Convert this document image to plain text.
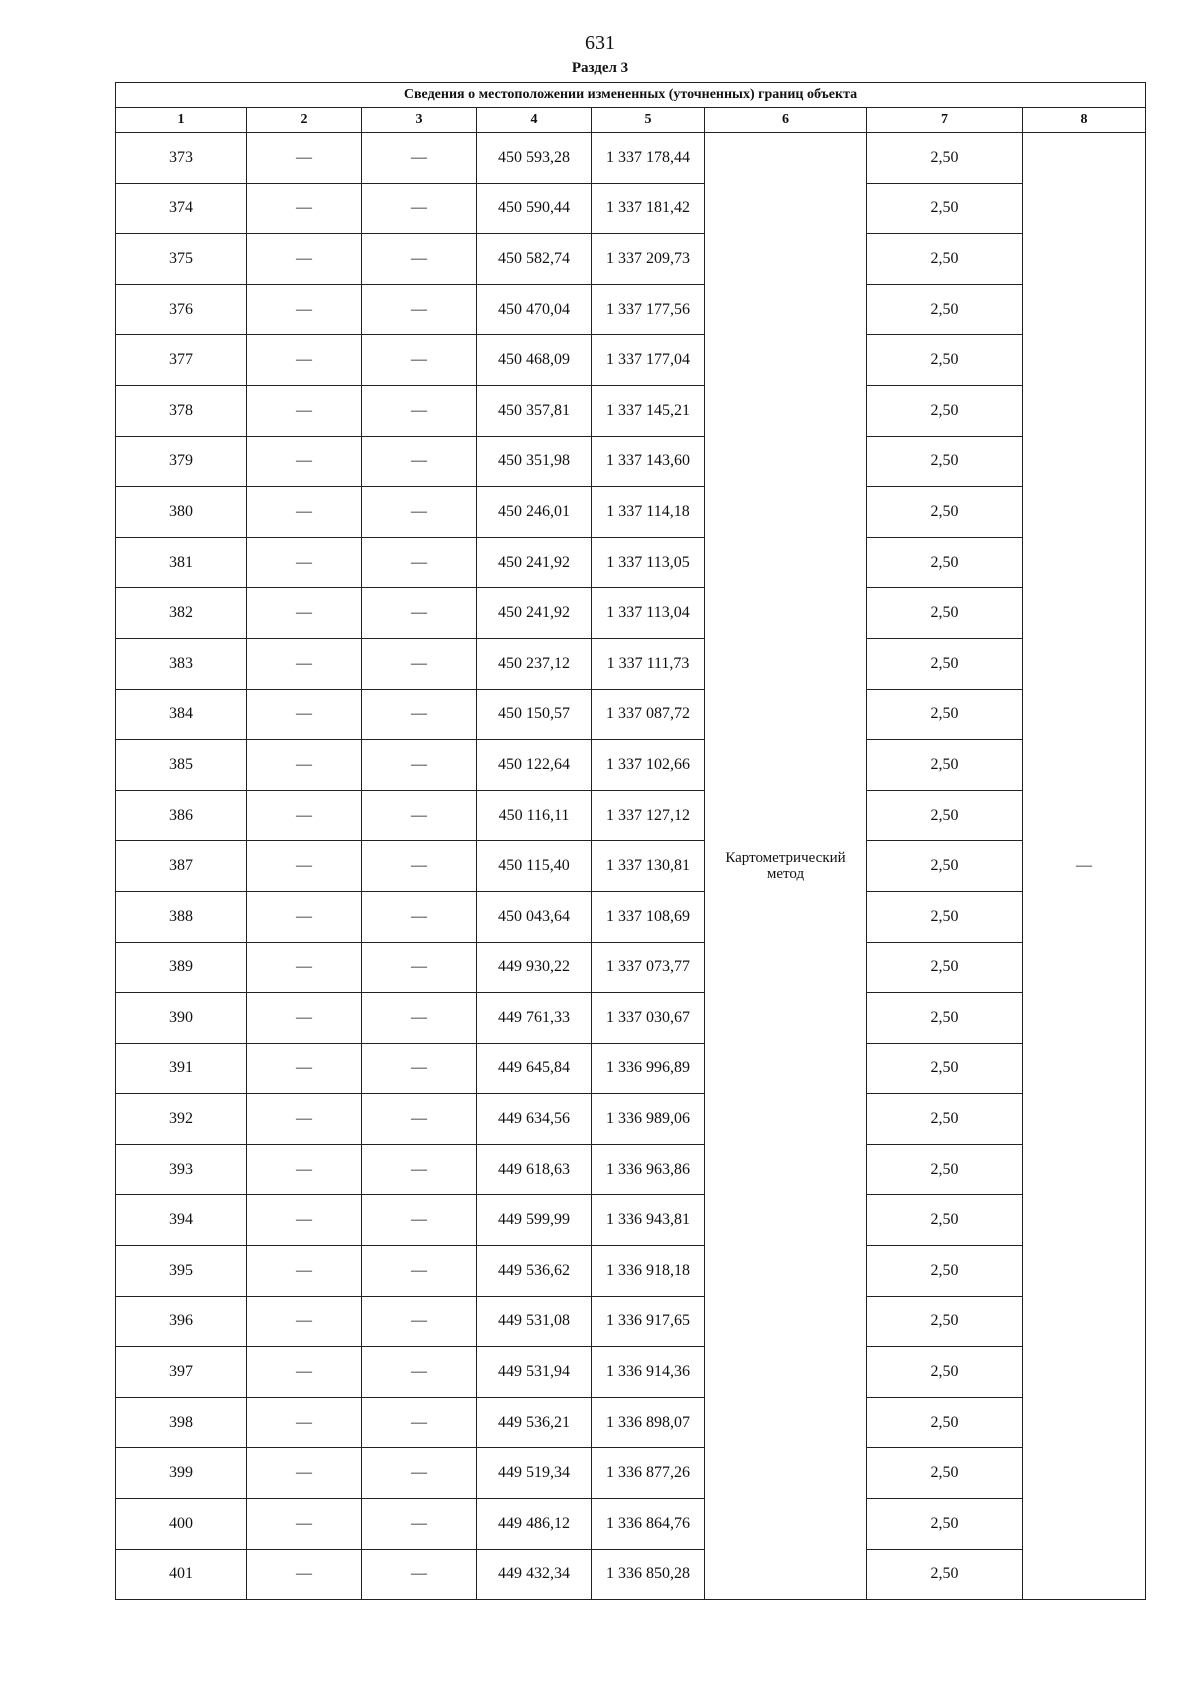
631
Раздел 3
Сведения о местоположении измененных (уточненных) границ объекта							
1	2	3	4	5	6	7	8
373	—	—	450 593,28	1 337 178,44	Картометрический метод	2,50	—
374	—	—	450 590,44	1 337 181,42		2,50	
375	—	—	450 582,74	1 337 209,73		2,50	
376	—	—	450 470,04	1 337 177,56		2,50	
377	—	—	450 468,09	1 337 177,04		2,50	
378	—	—	450 357,81	1 337 145,21		2,50	
379	—	—	450 351,98	1 337 143,60		2,50	
380	—	—	450 246,01	1 337 114,18		2,50	
381	—	—	450 241,92	1 337 113,05		2,50	
382	—	—	450 241,92	1 337 113,04		2,50	
383	—	—	450 237,12	1 337 111,73		2,50	
384	—	—	450 150,57	1 337 087,72		2,50	
385	—	—	450 122,64	1 337 102,66		2,50	
386	—	—	450 116,11	1 337 127,12		2,50	
387	—	—	450 115,40	1 337 130,81		2,50	
388	—	—	450 043,64	1 337 108,69		2,50	
389	—	—	449 930,22	1 337 073,77		2,50	
390	—	—	449 761,33	1 337 030,67		2,50	
391	—	—	449 645,84	1 336 996,89		2,50	
392	—	—	449 634,56	1 336 989,06		2,50	
393	—	—	449 618,63	1 336 963,86		2,50	
394	—	—	449 599,99	1 336 943,81		2,50	
395	—	—	449 536,62	1 336 918,18		2,50	
396	—	—	449 531,08	1 336 917,65		2,50	
397	—	—	449 531,94	1 336 914,36		2,50	
398	—	—	449 536,21	1 336 898,07		2,50	
399	—	—	449 519,34	1 336 877,26		2,50	
400	—	—	449 486,12	1 336 864,76		2,50	
401	—	—	449 432,34	1 336 850,28		2,50	
